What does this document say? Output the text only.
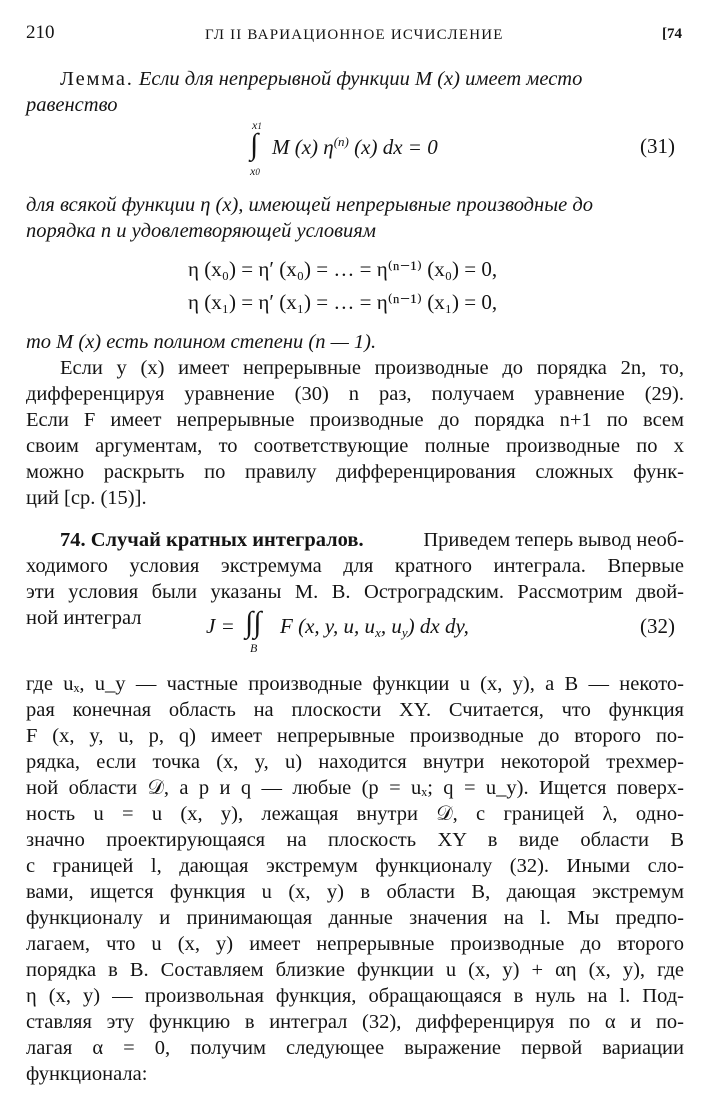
210	ГЛ II ВАРИАЦИОННОЕ ИСЧИСЛЕНИЕ	[74
Лемма. Если для непрерывной функции M (x) имеет место
равенство
x1
∫
x0
M (x) $\eta^{(n)}$ (x) dx = 0	(31)
для всякой функции η (x), имеющей непрерывные производные до
порядка n и удовлетворяющей условиям
η (x₀) = η′ (x₀) = … = η⁽ⁿ⁻¹⁾ (x₀) = 0,
η (x₁) = η′ (x₁) = … = η⁽ⁿ⁻¹⁾ (x₁) = 0,
то M (x) есть полином степени (n — 1).
Если y (x) имеет непрерывные производные до порядка 2n, то,
дифференцируя уравнение (30) n раз, получаем уравнение (29).
Если F имеет непрерывные производные до порядка n+1 по всем
своим аргументам, то соответствующие полные производные по x
можно раскрыть по правилу дифференцирования сложных функ-
ций [ср. (15)].
74. Случай кратных интегралов.	Приведем теперь вывод необ-
ходимого условия экстремума для кратного интеграла. Впервые
эти условия были указаны М. В. Остроградским. Рассмотрим двой-
ной интеграл	J = ∫∫
B
F (x, y, u, $u_x$, $u_y$) dx dy,	(32)
где uₓ, u_y — частные производные функции u (x, y), а B — некото-
рая конечная область на плоскости XY. Считается, что функция
F (x, y, u, p, q) имеет непрерывные производные до второго по-
рядка, если точка (x, y, u) находится внутри некоторой трехмер-
ной области 𝒟, а p и q — любые (p = uₓ; q = u_y). Ищется поверх-
ность u = u (x, y), лежащая внутри 𝒟, с границей λ, одно-
значно проектирующаяся на плоскость XY в виде области B
с границей l, дающая экстремум функционалу (32). Иными сло-
вами, ищется функция u (x, y) в области B, дающая экстремум
функционалу и принимающая данные значения на l. Мы предпо-
лагаем, что u (x, y) имеет непрерывные производные до второго
порядка в B. Составляем близкие функции u (x, y) + αη (x, y), где
η (x, y) — произвольная функция, обращающаяся в нуль на l. Под-
ставляя эту функцию в интеграл (32), дифференцируя по α и по-
лагая α = 0, получим следующее выражение первой вариации
функционала:
